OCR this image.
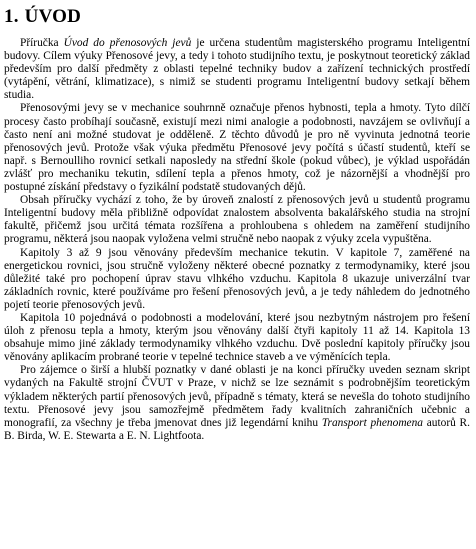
1. ÚVOD

Příručka Úvod do přenosových jevů je určena studentům magisterského programu Inteligentní budovy. Cílem výuky Přenosové jevy, a tedy i tohoto studijního textu, je poskytnout teoretický základ především pro další předměty z oblasti tepelné techniky budov a zařízení technických prostředí (vytápění, větrání, klimatizace), s nimiž se studenti programu Inteligentní budovy setkají během studia.

Přenosovými jevy se v mechanice souhrnně označuje přenos hybnosti, tepla a hmoty. Tyto dílčí procesy často probíhají současně, existují mezi nimi analogie a podobnosti, navzájem se ovlivňují a často není ani možné studovat je odděleně. Z těchto důvodů je pro ně vyvinuta jednotná teorie přenosových jevů. Protože však výuka předmětu Přenosové jevy počítá s účastí studentů, kteří se např. s Bernoulliho rovnicí setkali naposledy na střední škole (pokud vůbec), je výklad uspořádán zvlášť pro mechaniku tekutin, sdílení tepla a přenos hmoty, což je názornější a vhodnější pro postupné získání představy o fyzikální podstatě studovaných dějů.

Obsah příručky vychází z toho, že by úroveň znalostí z přenosových jevů u studentů programu Inteligentní budovy měla přibližně odpovídat znalostem absolventa bakalářského studia na strojní fakultě, přičemž jsou určitá témata rozšířena a prohloubena s ohledem na zaměření studijního programu, některá jsou naopak vyložena velmi stručně nebo naopak z výuky zcela vypuštěna.

Kapitoly 3 až 9 jsou věnovány především mechanice tekutin. V kapitole 7, zaměřené na energetickou rovnici, jsou stručně vyloženy některé obecné poznatky z termodynamiky, které jsou důležité také pro pochopení úprav stavu vlhkého vzduchu. Kapitola 8 ukazuje univerzální tvar základních rovnic, které používáme pro řešení přenosových jevů, a je tedy náhledem do jednotného pojetí teorie přenosových jevů.

Kapitola 10 pojednává o podobnosti a modelování, které jsou nezbytným nástrojem pro řešení úloh z přenosu tepla a hmoty, kterým jsou věnovány další čtyři kapitoly 11 až 14. Kapitola 13 obsahuje mimo jiné základy termodynamiky vlhkého vzduchu. Dvě poslední kapitoly příručky jsou věnovány aplikacím probrané teorie v tepelné technice staveb a ve výměnících tepla.

Pro zájemce o širší a hlubší poznatky v dané oblasti je na konci příručky uveden seznam skript vydaných na Fakultě strojní ČVUT v Praze, v nichž se lze seznámit s podrobnějším teoretickým výkladem některých partií přenosových jevů, případně s tématy, která se nevešla do tohoto studijního textu. Přenosové jevy jsou samozřejmě předmětem řady kvalitních zahraničních učebnic a monografií, za všechny je třeba jmenovat dnes již legendární knihu Transport phenomena autorů R. B. Birda, W. E. Stewarta a E. N. Lightfoota.
